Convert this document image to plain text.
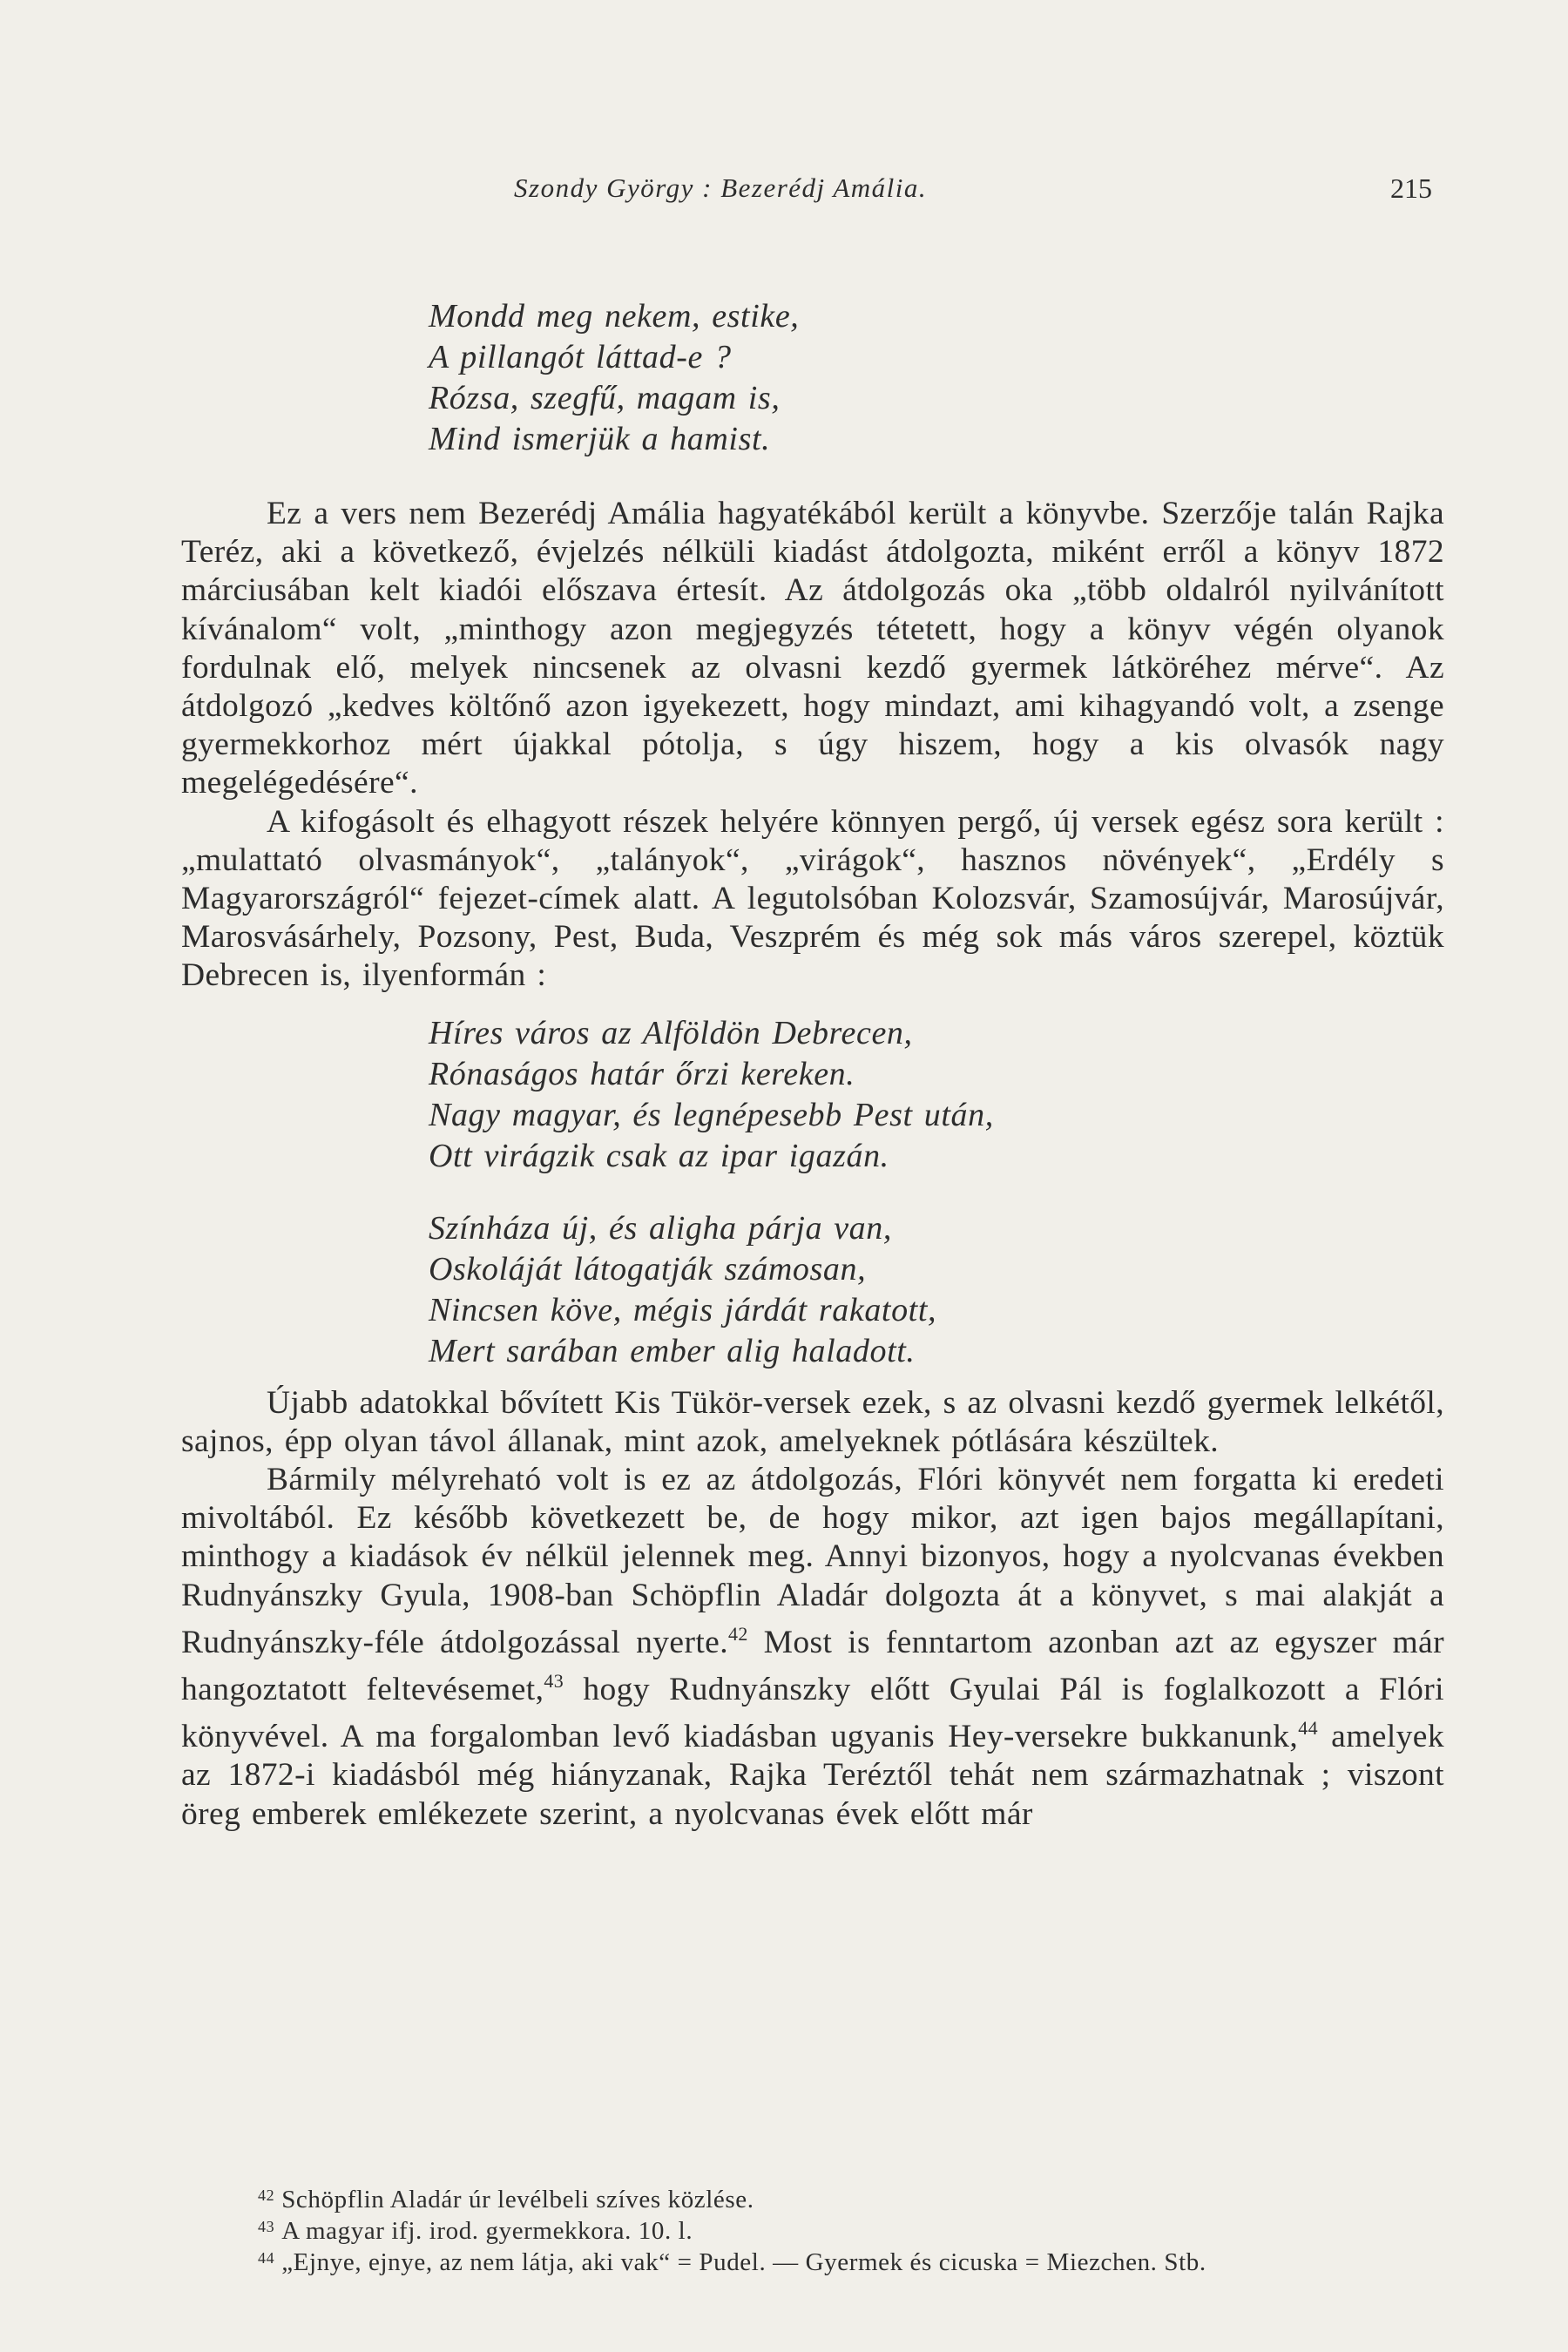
Szondy György : Bezerédj Amália.	215
Mondd meg nekem, estike,
A pillangót láttad-e ?
Rózsa, szegfű, magam is,
Mind ismerjük a hamist.

Ez a vers nem Bezerédj Amália hagyatékából került a könyvbe. Szerzője talán Rajka Teréz, aki a következő, évjelzés nélküli kiadást átdolgozta, miként erről a könyv 1872 márciusában kelt kiadói előszava értesít. Az átdolgozás oka „több oldalról nyilvánított kívánalom“ volt, „minthogy azon megjegyzés tétetett, hogy a könyv végén olyanok fordulnak elő, melyek nincsenek az olvasni kezdő gyermek látköréhez mérve“. Az átdolgozó „kedves költőnő azon igyekezett, hogy mindazt, ami kihagyandó volt, a zsenge gyermekkorhoz mért újakkal pótolja, s úgy hiszem, hogy a kis olvasók nagy megelégedésére“.

A kifogásolt és elhagyott részek helyére könnyen pergő, új versek egész sora került : „mulattató olvasmányok“, „talányok“, „virágok“, hasznos növények“, „Erdély s Magyarországról“ fejezet-címek alatt. A legutolsóban Kolozsvár, Szamosújvár, Marosújvár, Marosvásárhely, Pozsony, Pest, Buda, Veszprém és még sok más város szerepel, köztük Debrecen is, ilyenformán :

Híres város az Alföldön Debrecen,
Rónaságos határ őrzi kereken.
Nagy magyar, és legnépesebb Pest után,
Ott virágzik csak az ipar igazán.
Színháza új, és aligha párja van,
Oskoláját látogatják számosan,
Nincsen köve, mégis járdát rakatott,
Mert sarában ember alig haladott.

Újabb adatokkal bővített Kis Tükör-versek ezek, s az olvasni kezdő gyermek lelkétől, sajnos, épp olyan távol állanak, mint azok, amelyeknek pótlására készültek.

Bármily mélyreható volt is ez az átdolgozás, Flóri könyvét nem forgatta ki eredeti mivoltából. Ez később következett be, de hogy mikor, azt igen bajos megállapítani, minthogy a kiadások év nélkül jelennek meg. Annyi bizonyos, hogy a nyolcvanas években Rudnyánszky Gyula, 1908-ban Schöpflin Aladár dolgozta át a könyvet, s mai alakját a Rudnyánszky-féle átdolgozással nyerte.$^{42}$ Most is fenntartom azonban azt az egyszer már hangoztatott feltevésemet,$^{43}$ hogy Rudnyánszky előtt Gyulai Pál is foglalkozott a Flóri könyvével. A ma forgalomban levő kiadásban ugyanis Hey-versekre bukkanunk,$^{44}$ amelyek az 1872-i kiadásból még hiányzanak, Rajka Teréztől tehát nem származhatnak ; viszont öreg emberek emlékezete szerint, a nyolcvanas évek előtt már

$^{42}$ Schöpflin Aladár úr levélbeli szíves közlése.

$^{43}$ A magyar ifj. irod. gyermekkora. 10. l.

$^{44}$ „Ejnye, ejnye, az nem látja, aki vak“ = Pudel. — Gyermek és cicuska = Miezchen. Stb.
